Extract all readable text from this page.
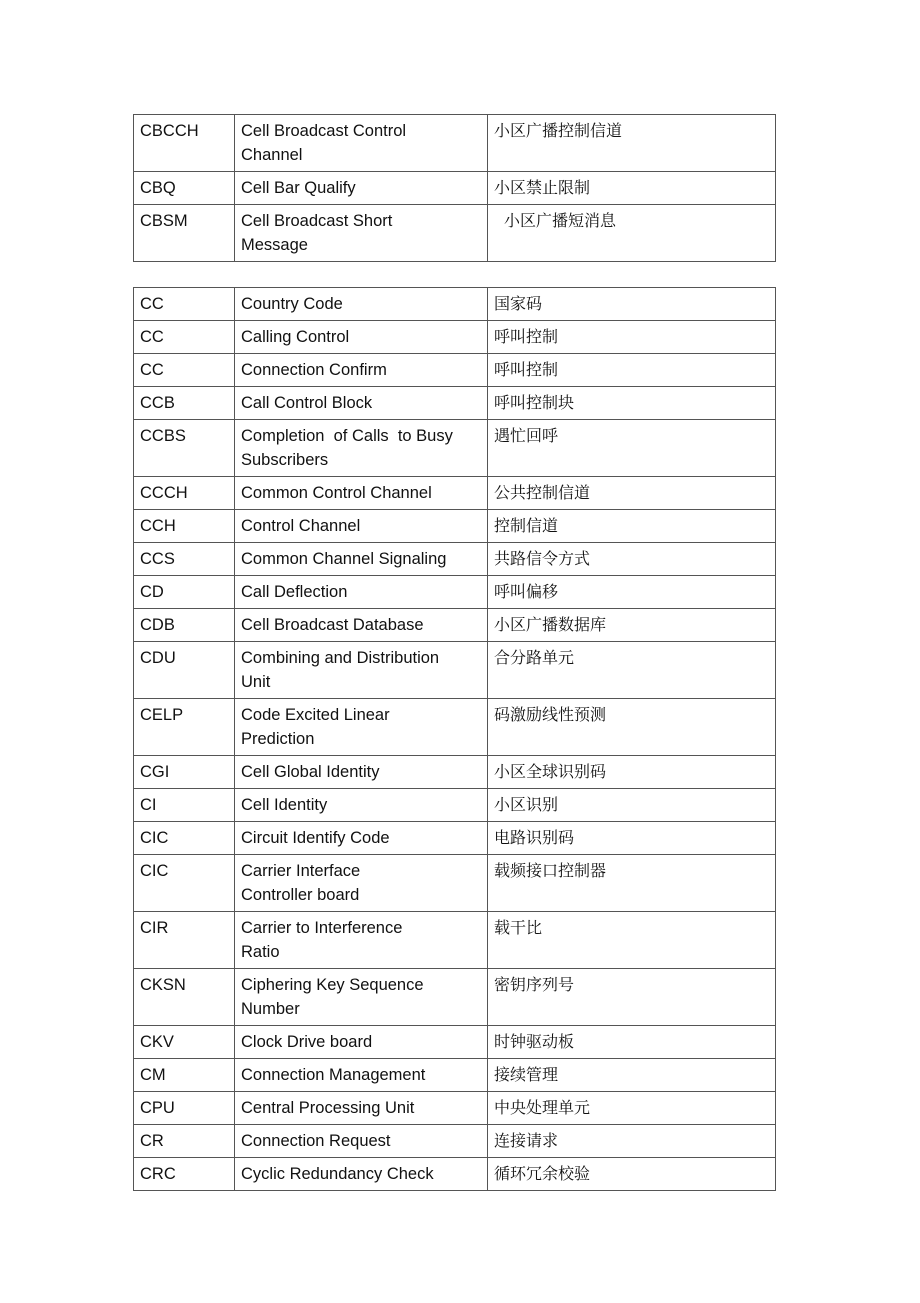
CBCCH	Cell Broadcast Control Channel	小区广播控制信道
CBQ	Cell Bar Qualify	小区禁止限制
CBSM	Cell Broadcast Short Message	小区广播短消息
CC	Country Code	国家码
CC	Calling Control	呼叫控制
CC	Connection Confirm	呼叫控制
CCB	Call Control Block	呼叫控制块
CCBS	Completion  of Calls  to Busy Subscribers	遇忙回呼
CCCH	Common Control Channel	公共控制信道
CCH	Control Channel	控制信道
CCS	Common Channel Signaling	共路信令方式
CD	Call Deflection	呼叫偏移
CDB	Cell Broadcast Database	小区广播数据库
CDU	Combining and Distribution Unit	合分路单元
CELP	Code Excited Linear Prediction	码激励线性预测
CGI	Cell Global Identity	小区全球识别码
CI	Cell Identity	小区识别
CIC	Circuit Identify Code	电路识别码
CIC	Carrier Interface Controller board	载频接口控制器
CIR	Carrier to Interference Ratio	载干比
CKSN	Ciphering Key Sequence Number	密钥序列号
CKV	Clock Drive board	时钟驱动板
CM	Connection Management	接续管理
CPU	Central Processing Unit	中央处理单元
CR	Connection Request	连接请求
CRC	Cyclic Redundancy Check	循环冗余校验
